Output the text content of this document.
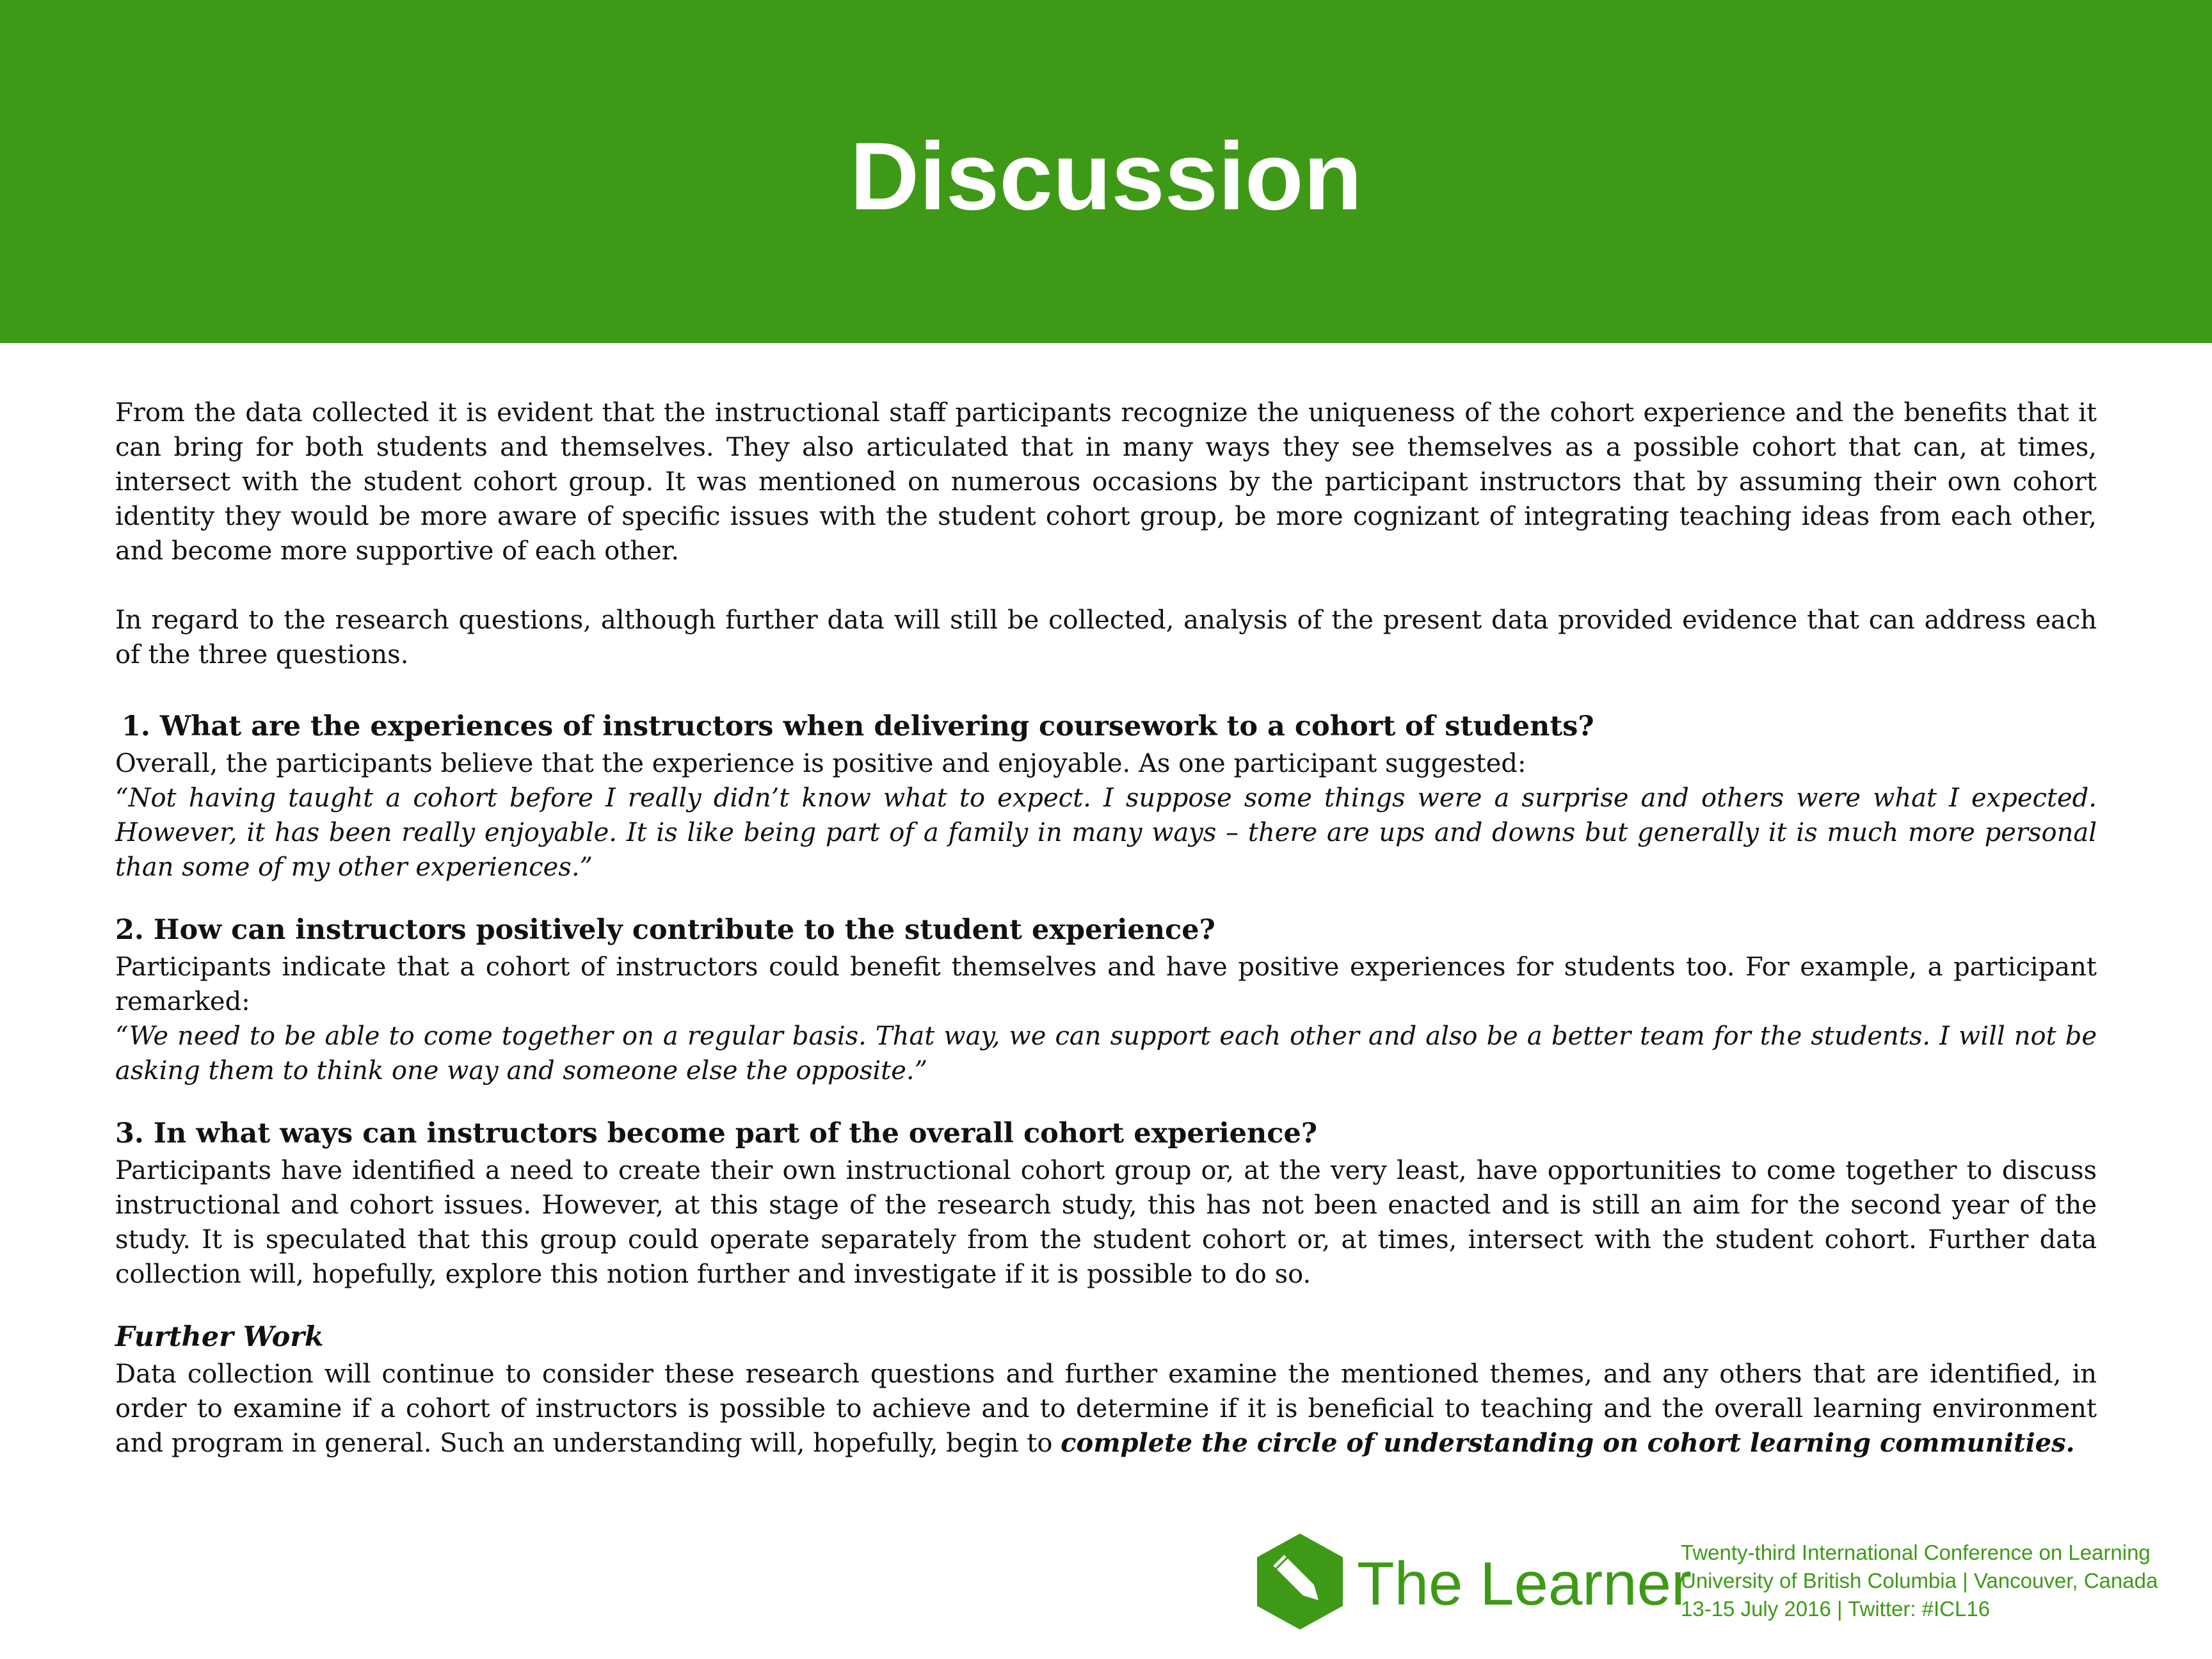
Discussion

From the data collected it is evident that the instructional staff participants recognize the uniqueness of the cohort experience and the benefits that it can bring for both students and themselves. They also articulated that in many ways they see themselves as a possible cohort that can, at times, intersect with the student cohort group. It was mentioned on numerous occasions by the participant instructors that by assuming their own cohort identity they would be more aware of specific issues with the student cohort group, be more cognizant of integrating teaching ideas from each other, and become more supportive of each other.

In regard to the research questions, although further data will still be collected, analysis of the present data provided evidence that can address each of the three questions.

1. What are the experiences of instructors when delivering coursework to a cohort of students?

Overall, the participants believe that the experience is positive and enjoyable. As one participant suggested:

“Not having taught a cohort before I really didn’t know what to expect. I suppose some things were a surprise and others were what I expected. However, it has been really enjoyable. It is like being part of a family in many ways – there are ups and downs but generally it is much more personal than some of my other experiences.”

2. How can instructors positively contribute to the student experience?

Participants indicate that a cohort of instructors could benefit themselves and have positive experiences for students too. For example, a participant remarked:

“We need to be able to come together on a regular basis. That way, we can support each other and also be a better team for the students. I will not be asking them to think one way and someone else the opposite.”

3. In what ways can instructors become part of the overall cohort experience?

Participants have identified a need to create their own instructional cohort group or, at the very least, have opportunities to come together to discuss instructional and cohort issues. However, at this stage of the research study, this has not been enacted and is still an aim for the second year of the study. It is speculated that this group could operate separately from the student cohort or, at times, intersect with the student cohort. Further data collection will, hopefully, explore this notion further and investigate if it is possible to do so.

Further Work

Data collection will continue to consider these research questions and further examine the mentioned themes, and any others that are identified, in order to examine if a cohort of instructors is possible to achieve and to determine if it is beneficial to teaching and the overall learning environment and program in general. Such an understanding will, hopefully, begin to complete the circle of understanding on cohort learning communities.

The Learner
Twenty-third International Conference on Learning
University of British Columbia | Vancouver, Canada
13-15 July 2016 | Twitter: #ICL16
